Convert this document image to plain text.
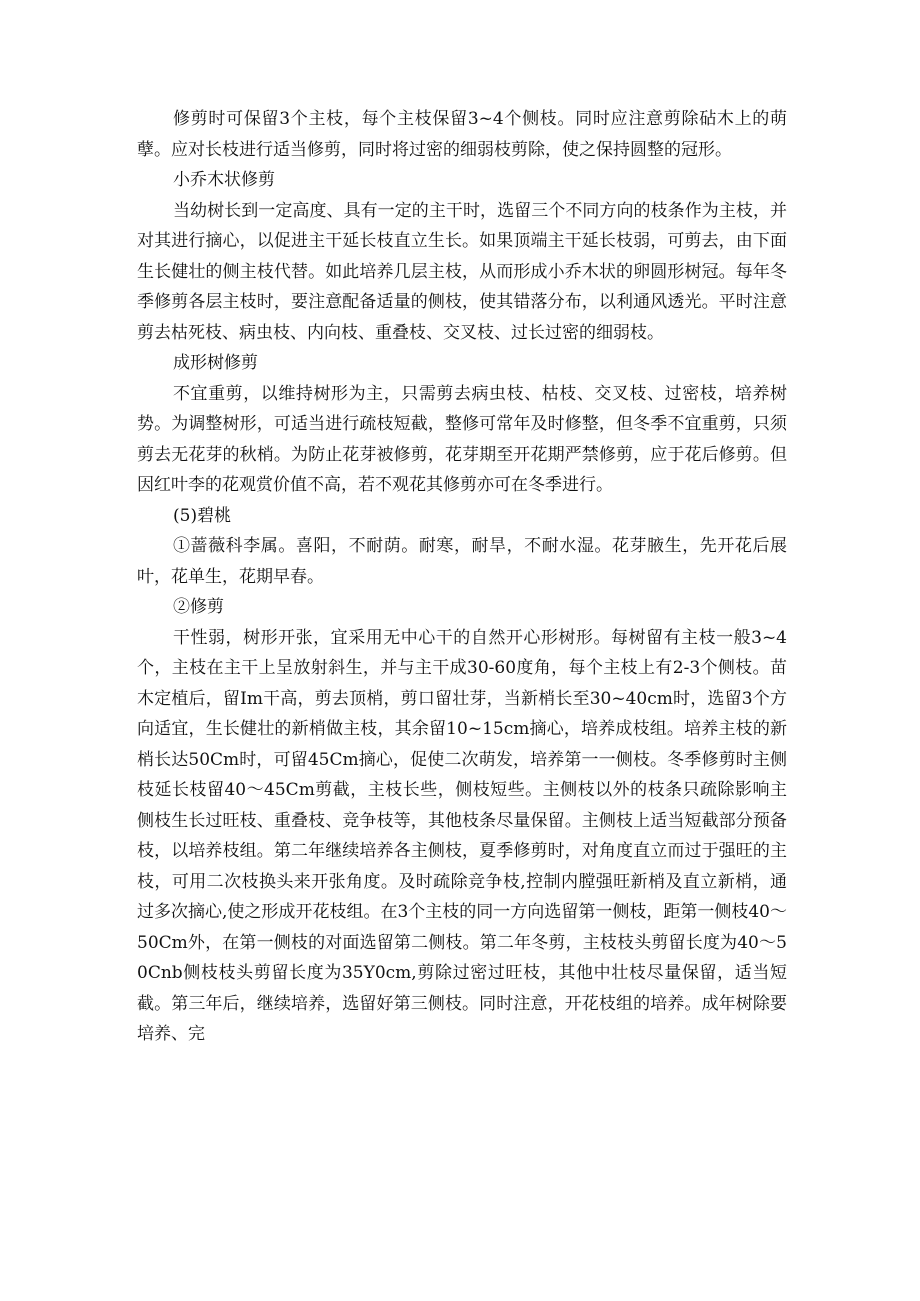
修剪时可保留3个主枝，每个主枝保留3~4个侧枝。同时应注意剪除砧木上的萌孽。应对长枝进行适当修剪，同时将过密的细弱枝剪除，使之保持圆整的冠形。

小乔木状修剪

当幼树长到一定高度、具有一定的主干时，选留三个不同方向的枝条作为主枝，并对其进行摘心，以促进主干延长枝直立生长。如果顶端主干延长枝弱，可剪去，由下面生长健壮的侧主枝代替。如此培养几层主枝，从而形成小乔木状的卵圆形树冠。每年冬季修剪各层主枝时，要注意配备适量的侧枝，使其错落分布，以利通风透光。平时注意剪去枯死枝、病虫枝、内向枝、重叠枝、交叉枝、过长过密的细弱枝。

成形树修剪

不宜重剪，以维持树形为主，只需剪去病虫枝、枯枝、交叉枝、过密枝，培养树势。为调整树形，可适当进行疏枝短截，整修可常年及时修整，但冬季不宜重剪，只须剪去无花芽的秋梢。为防止花芽被修剪，花芽期至开花期严禁修剪，应于花后修剪。但因红叶李的花观赏价值不高，若不观花其修剪亦可在冬季进行。

(5)碧桃

①蔷薇科李属。喜阳，不耐荫。耐寒，耐旱，不耐水湿。花芽腋生，先开花后展叶，花单生，花期早春。

②修剪

干性弱，树形开张，宜采用无中心干的自然开心形树形。每树留有主枝一般3~4个，主枝在主干上呈放射斜生，并与主干成30-60度角，每个主枝上有2-3个侧枝。苗木定植后，留Im干高，剪去顶梢，剪口留壮芽，当新梢长至30~40cm时，选留3个方向适宜，生长健壮的新梢做主枝，其余留10~15cm摘心，培养成枝组。培养主枝的新梢长达50Cm时，可留45Cm摘心，促使二次萌发，培养第一一侧枝。冬季修剪时主侧枝延长枝留40～45Cm剪截，主枝长些，侧枝短些。主侧枝以外的枝条只疏除影响主侧枝生长过旺枝、重叠枝、竞争枝等，其他枝条尽量保留。主侧枝上适当短截部分预备枝，以培养枝组。第二年继续培养各主侧枝，夏季修剪时，对角度直立而过于强旺的主枝，可用二次枝换头来开张角度。及时疏除竞争枝,控制内膛强旺新梢及直立新梢，通过多次摘心,使之形成开花枝组。在3个主枝的同一方向选留第一侧枝，距第一侧枝40～50Cm外，在第一侧枝的对面选留第二侧枝。第二年冬剪，主枝枝头剪留长度为40～50Cnb侧枝枝头剪留长度为35Y0cm,剪除过密过旺枝，其他中壮枝尽量保留，适当短截。第三年后，继续培养，选留好第三侧枝。同时注意，开花枝组的培养。成年树除要培养、完
